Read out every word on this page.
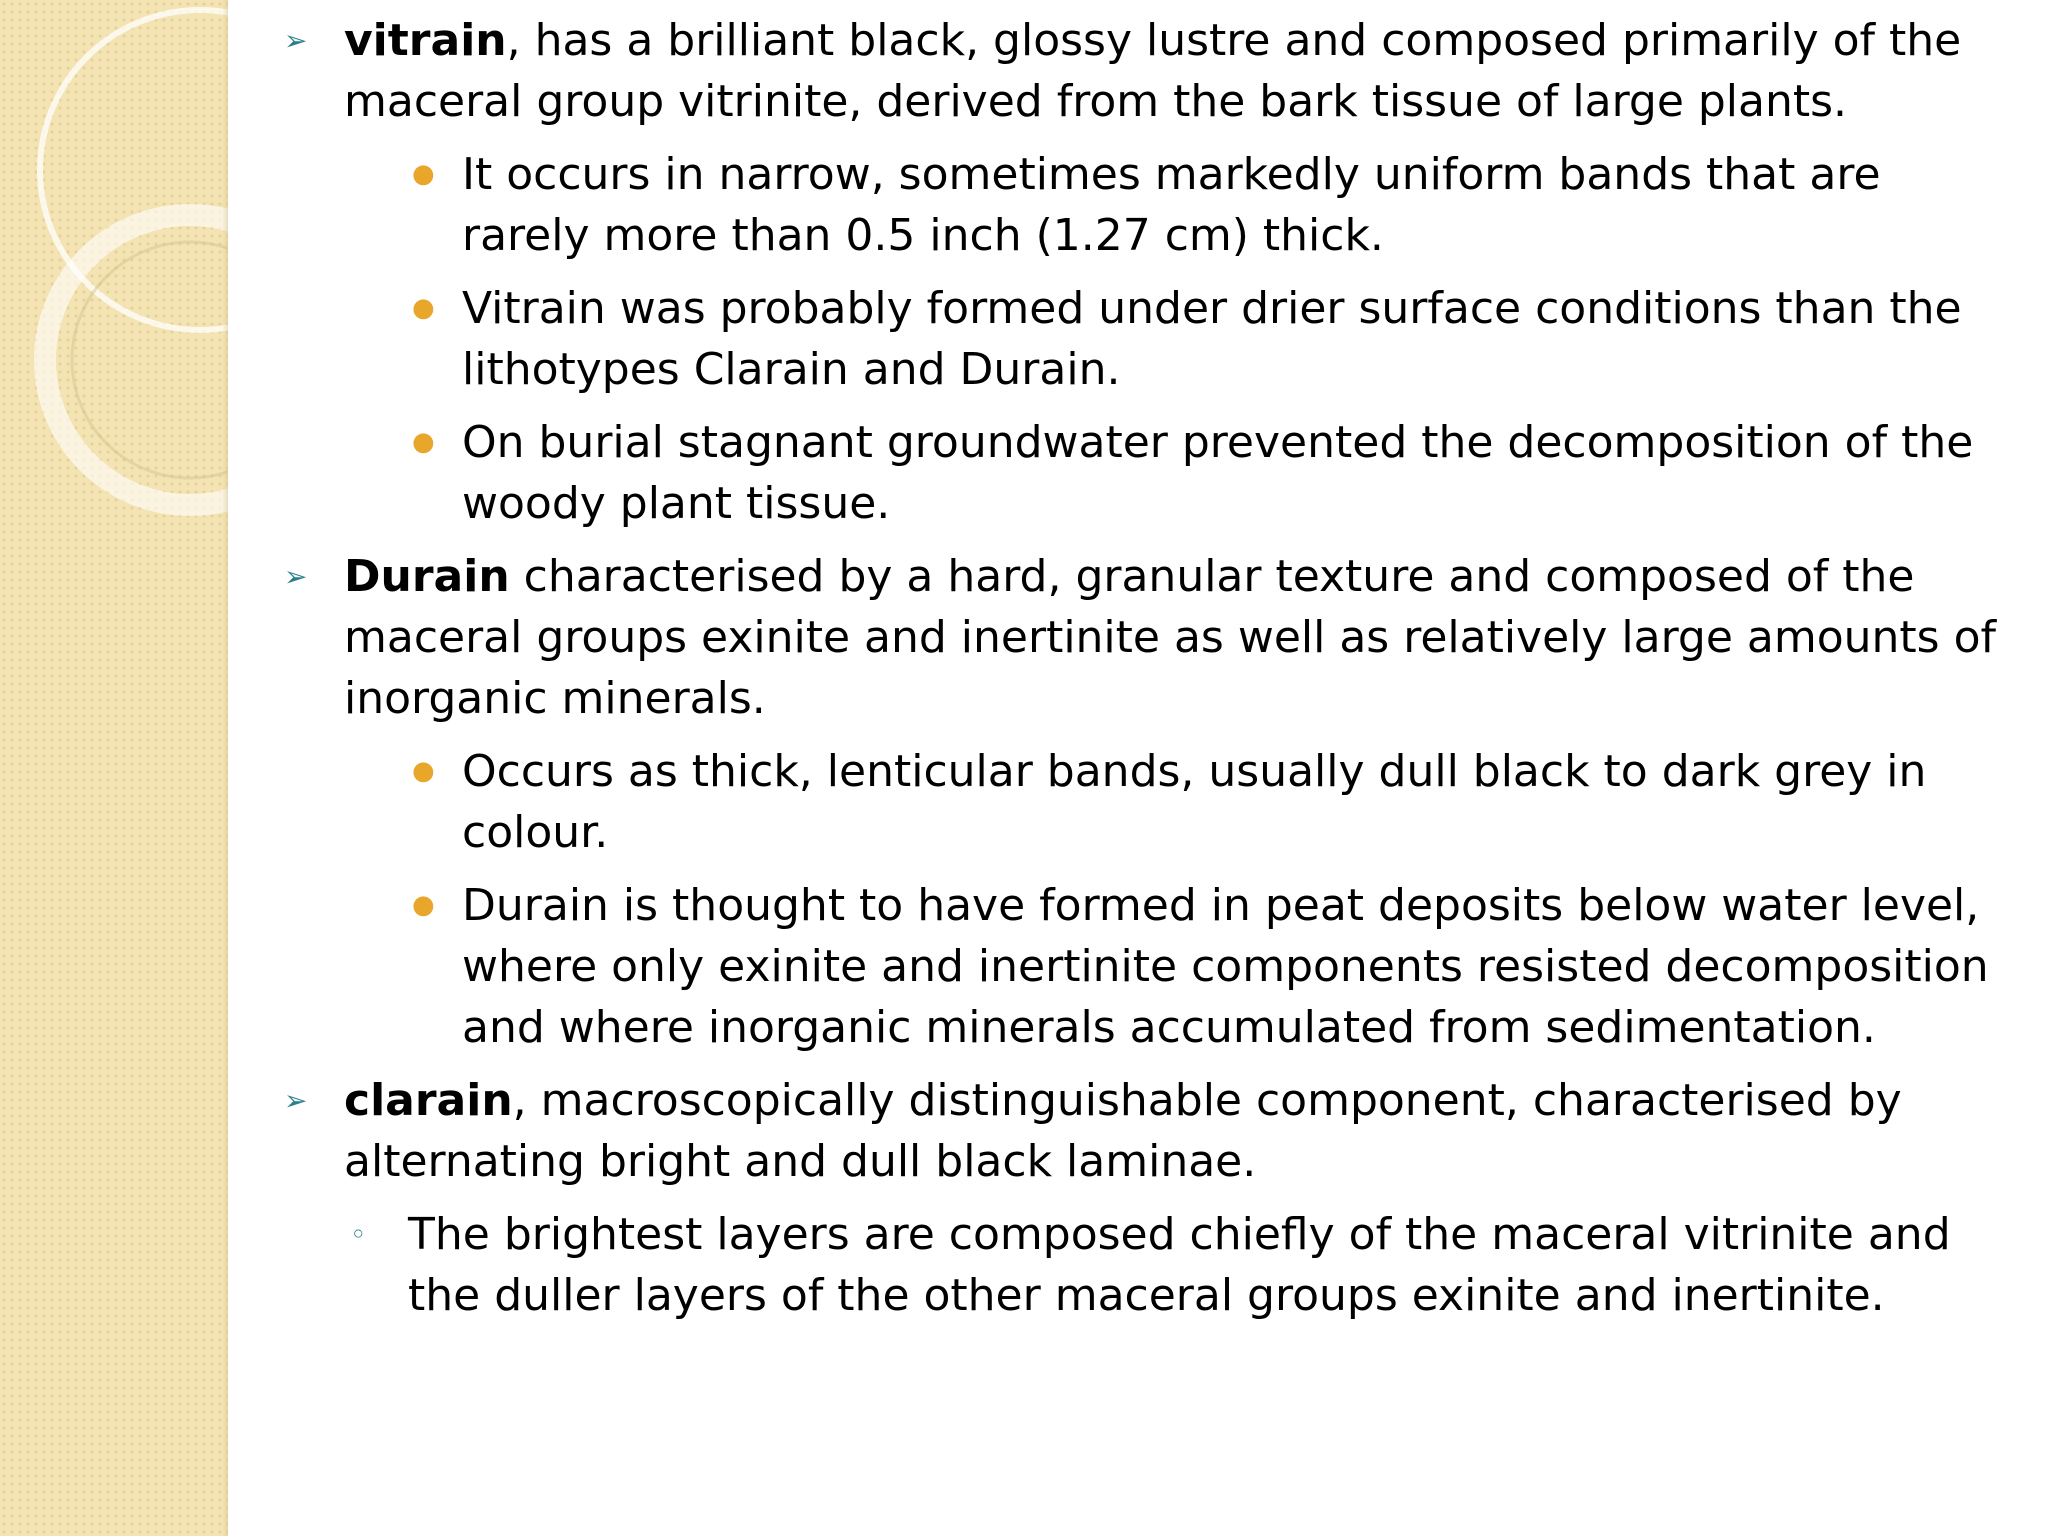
➢ vitrain, has a brilliant black, glossy lustre and composed primarily of the maceral group vitrinite, derived from the bark tissue of large plants.
● It occurs in narrow, sometimes markedly uniform bands that are rarely more than 0.5 inch (1.27 cm) thick.
● Vitrain was probably formed under drier surface conditions than the lithotypes Clarain and Durain.
● On burial stagnant groundwater prevented the decomposition of the woody plant tissue.
➢ Durain characterised by a hard, granular texture and composed of the maceral groups exinite and inertinite as well as relatively large amounts of inorganic minerals.
● Occurs as thick, lenticular bands, usually dull black to dark grey in colour.
● Durain is thought to have formed in peat deposits below water level, where only exinite and inertinite components resisted decomposition and where inorganic minerals accumulated from sedimentation.
➢ clarain, macroscopically distinguishable component, characterised by alternating bright and dull black laminae.
◦ The brightest layers are composed chiefly of the maceral vitrinite and the duller layers of the other maceral groups exinite and inertinite.
